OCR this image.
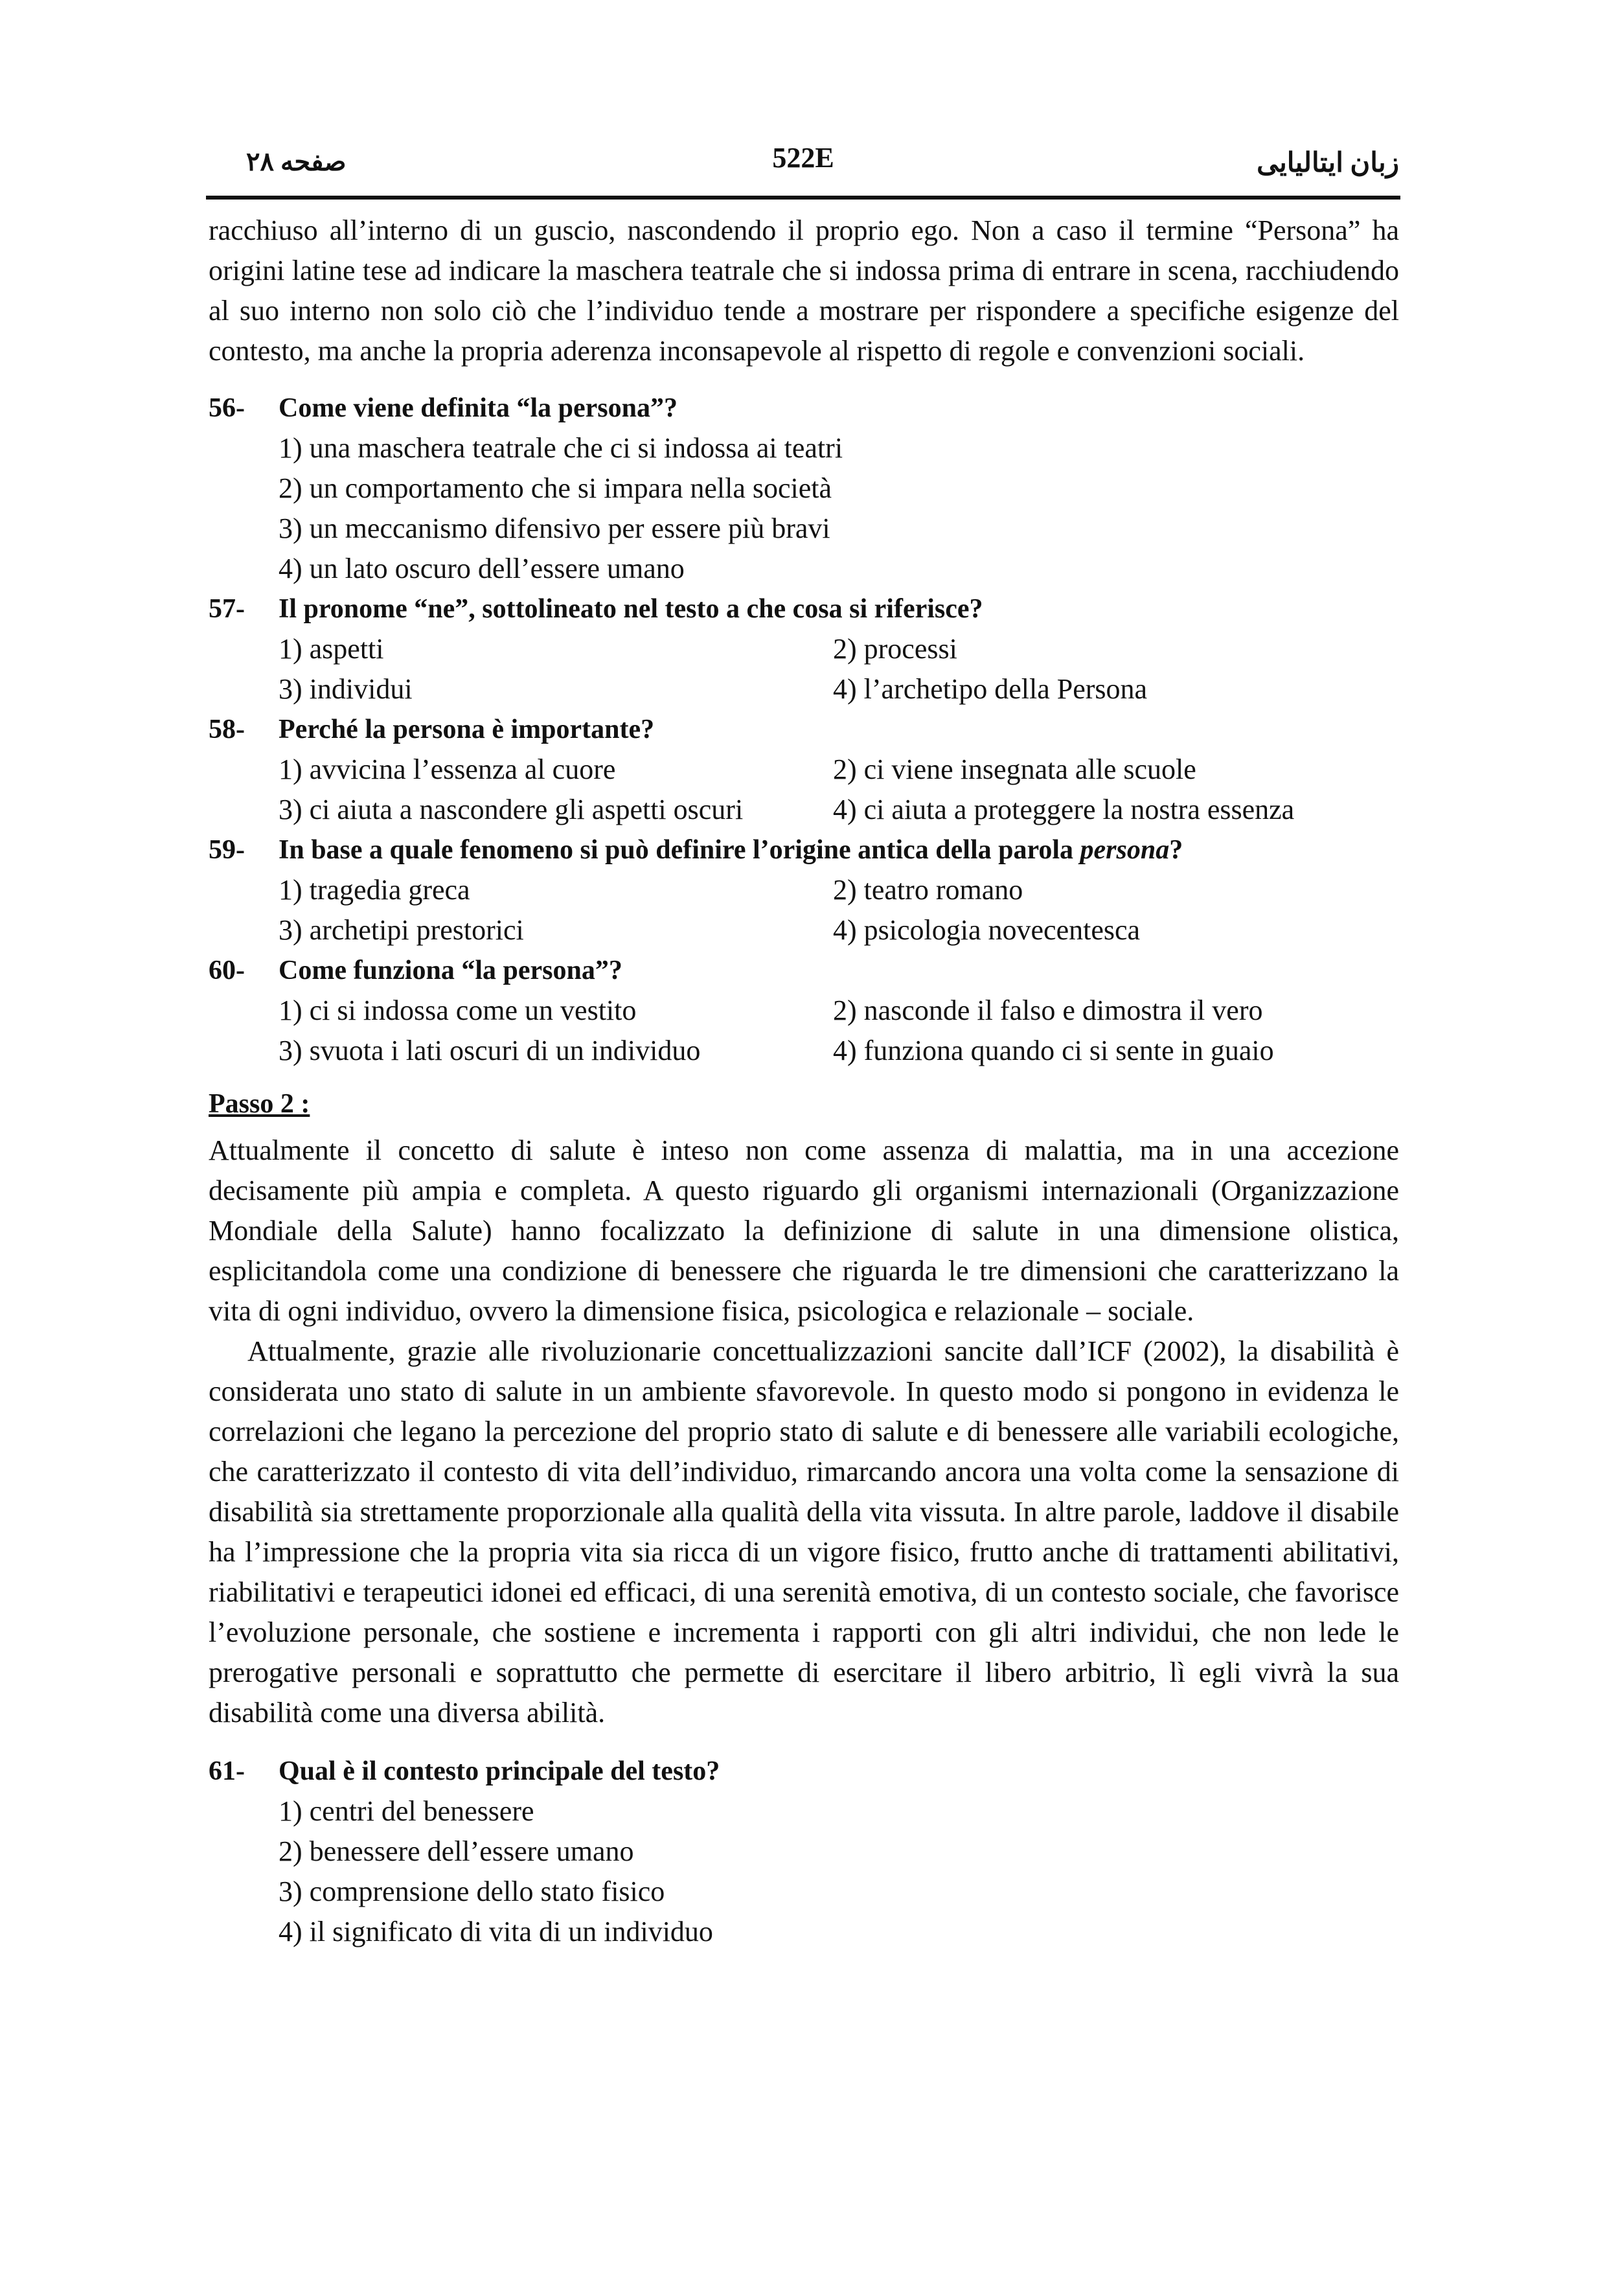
صفحه ۲۸	522E	زبان ایتالیایی

racchiuso all’interno di un guscio, nascondendo il proprio ego. Non a caso il termine “Persona” ha origini latine tese ad indicare la maschera teatrale che si indossa prima di entrare in scena, racchiudendo al suo interno non solo ciò che l’individuo tende a mostrare per rispondere a specifiche esigenze del contesto, ma anche la propria aderenza inconsapevole al rispetto di regole e convenzioni sociali.

56-	Come viene definita “la persona”?
1) una maschera teatrale che ci si indossa ai teatri
2) un comportamento che si impara nella società
3) un meccanismo difensivo per essere più bravi
4) un lato oscuro dell’essere umano
57-	Il pronome “ne”, sottolineato nel testo a che cosa si riferisce?
1) aspetti	2) processi
3) individui	4) l’archetipo della Persona
58-	Perché la persona è importante?
1) avvicina l’essenza al cuore	2) ci viene insegnata alle scuole
3) ci aiuta a nascondere gli aspetti oscuri	4) ci aiuta a proteggere la nostra essenza
59-	In base a quale fenomeno si può definire l’origine antica della parola persona?
1) tragedia greca	2) teatro romano
3) archetipi prestorici	4) psicologia novecentesca
60-	Come funziona “la persona”?
1) ci si indossa come un vestito	2) nasconde il falso e dimostra il vero
3) svuota i lati oscuri di un individuo	4) funziona quando ci si sente in guaio
Passo 2 :

Attualmente il concetto di salute è inteso non come assenza di malattia, ma in una accezione decisamente più ampia e completa. A questo riguardo gli organismi internazionali (Organizzazione Mondiale della Salute) hanno focalizzato la definizione di salute in una dimensione olistica, esplicitandola come una condizione di benessere che riguarda le tre dimensioni che caratterizzano la vita di ogni individuo, ovvero la dimensione fisica, psicologica e relazionale – sociale.

Attualmente, grazie alle rivoluzionarie concettualizzazioni sancite dall’ICF (2002), la disabilità è considerata uno stato di salute in un ambiente sfavorevole. In questo modo si pongono in evidenza le correlazioni che legano la percezione del proprio stato di salute e di benessere alle variabili ecologiche, che caratterizzato il contesto di vita dell’individuo, rimarcando ancora una volta come la sensazione di disabilità sia strettamente proporzionale alla qualità della vita vissuta. In altre parole, laddove il disabile ha l’impressione che la propria vita sia ricca di un vigore fisico, frutto anche di trattamenti abilitativi, riabilitativi e terapeutici idonei ed efficaci, di una serenità emotiva, di un contesto sociale, che favorisce l’evoluzione personale, che sostiene e incrementa i rapporti con gli altri individui, che non lede le prerogative personali e soprattutto che permette di esercitare il libero arbitrio, lì egli vivrà la sua disabilità come una diversa abilità.

61-	Qual è il contesto principale del testo?
1) centri del benessere
2) benessere dell’essere umano
3) comprensione dello stato fisico
4) il significato di vita di un individuo
